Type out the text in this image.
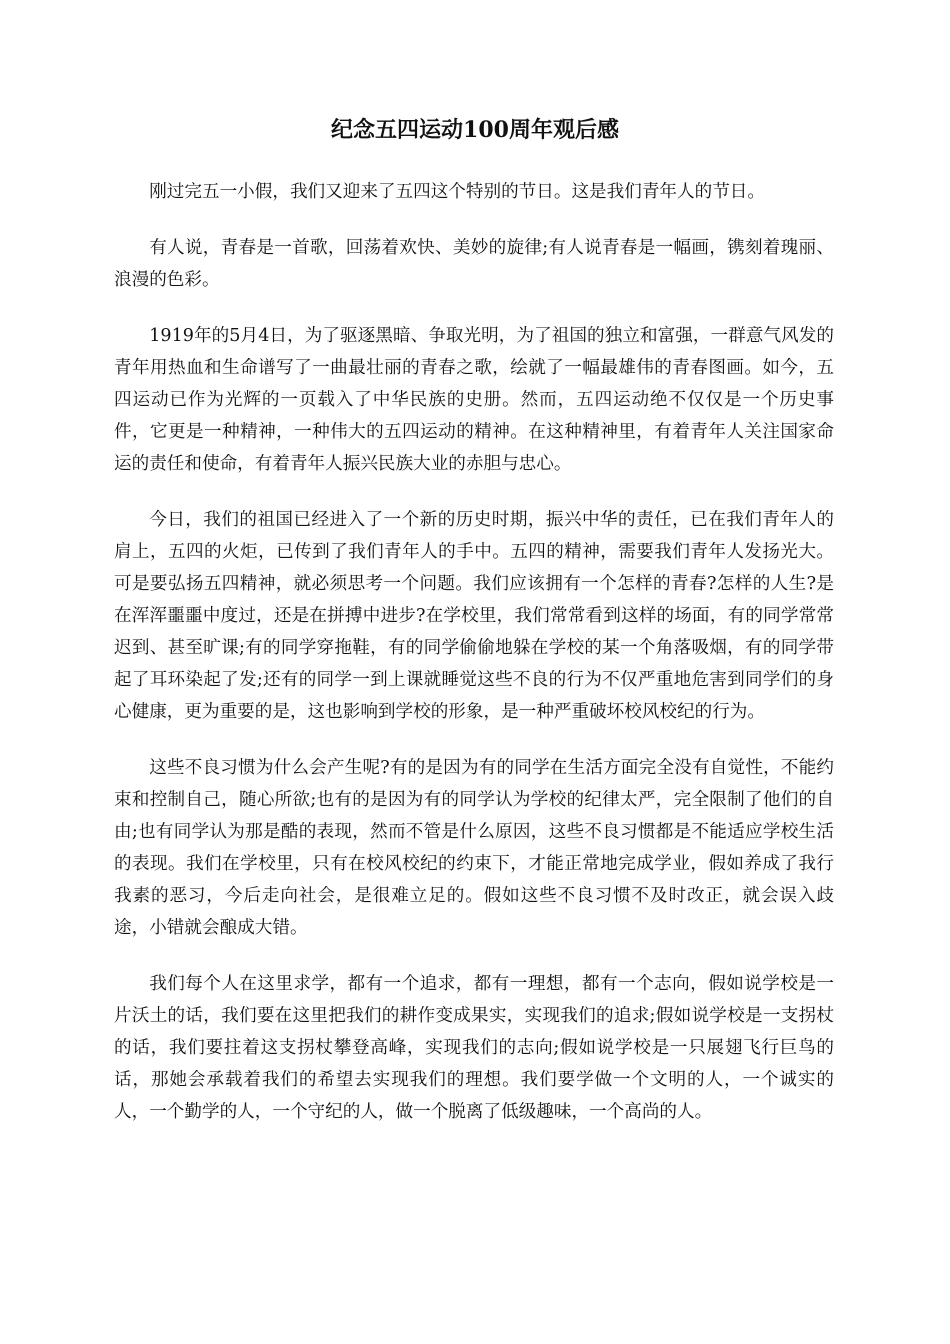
纪念五四运动100周年观后感

刚过完五一小假，我们又迎来了五四这个特别的节日。这是我们青年人的节日。

有人说，青春是一首歌，回荡着欢快、美妙的旋律;有人说青春是一幅画，镌刻着瑰丽、浪漫的色彩。

1919年的5月4日，为了驱逐黑暗、争取光明，为了祖国的独立和富强，一群意气风发的青年用热血和生命谱写了一曲最壮丽的青春之歌，绘就了一幅最雄伟的青春图画。如今，五四运动已作为光辉的一页载入了中华民族的史册。然而，五四运动绝不仅仅是一个历史事件，它更是一种精神，一种伟大的五四运动的精神。在这种精神里，有着青年人关注国家命运的责任和使命，有着青年人振兴民族大业的赤胆与忠心。

今日，我们的祖国已经进入了一个新的历史时期，振兴中华的责任，已在我们青年人的肩上，五四的火炬，已传到了我们青年人的手中。五四的精神，需要我们青年人发扬光大。可是要弘扬五四精神，就必须思考一个问题。我们应该拥有一个怎样的青春?怎样的人生?是在浑浑噩噩中度过，还是在拼搏中进步?在学校里，我们常常看到这样的场面，有的同学常常迟到、甚至旷课;有的同学穿拖鞋，有的同学偷偷地躲在学校的某一个角落吸烟，有的同学带起了耳环染起了发;还有的同学一到上课就睡觉这些不良的行为不仅严重地危害到同学们的身心健康，更为重要的是，这也影响到学校的形象，是一种严重破坏校风校纪的行为。

这些不良习惯为什么会产生呢?有的是因为有的同学在生活方面完全没有自觉性，不能约束和控制自己，随心所欲;也有的是因为有的同学认为学校的纪律太严，完全限制了他们的自由;也有同学认为那是酷的表现，然而不管是什么原因，这些不良习惯都是不能适应学校生活的表现。我们在学校里，只有在校风校纪的约束下，才能正常地完成学业，假如养成了我行我素的恶习，今后走向社会，是很难立足的。假如这些不良习惯不及时改正，就会误入歧途，小错就会酿成大错。

我们每个人在这里求学，都有一个追求，都有一理想，都有一个志向，假如说学校是一片沃土的话，我们要在这里把我们的耕作变成果实，实现我们的追求;假如说学校是一支拐杖的话，我们要拄着这支拐杖攀登高峰，实现我们的志向;假如说学校是一只展翅飞行巨鸟的话，那她会承载着我们的希望去实现我们的理想。我们要学做一个文明的人，一个诚实的人，一个勤学的人，一个守纪的人，做一个脱离了低级趣味，一个高尚的人。
